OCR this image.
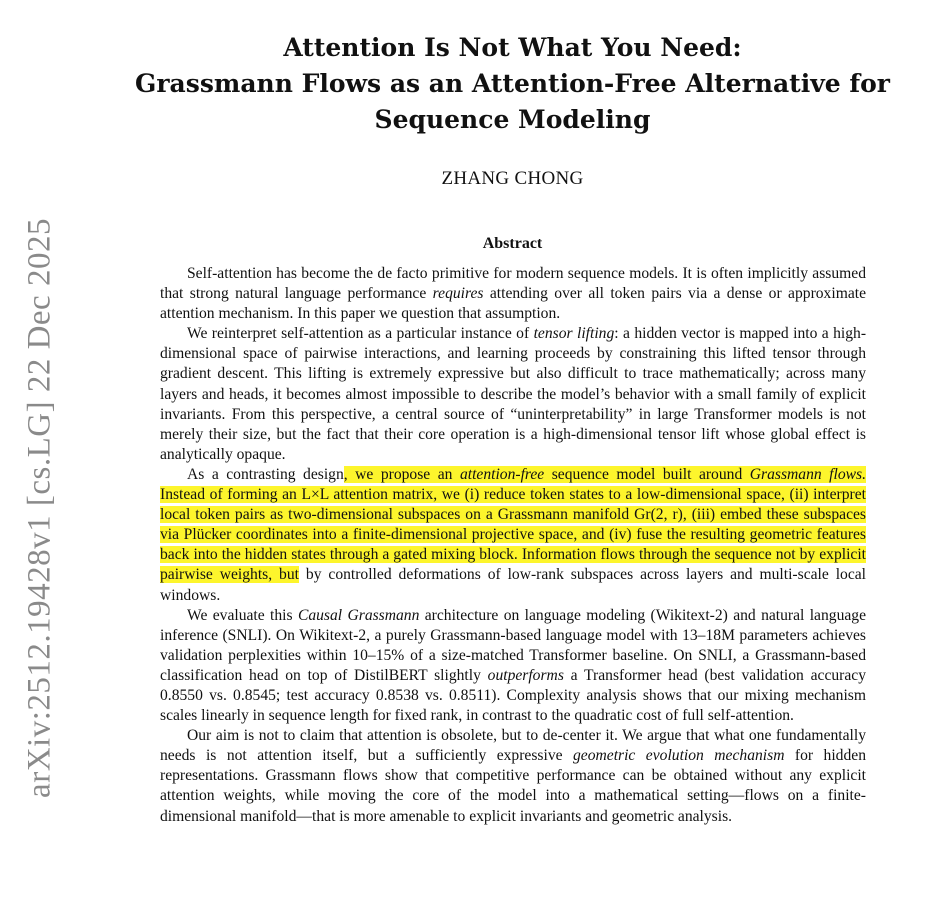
arXiv:2512.19428v1 [cs.LG] 22 Dec 2025
Attention Is Not What You Need:
Grassmann Flows as an Attention-Free Alternative for
Sequence Modeling
ZHANG CHONG
Abstract

Self-attention has become the de facto primitive for modern sequence models. It is often implicitly assumed that strong natural language performance requires attending over all token pairs via a dense or approximate attention mechanism. In this paper we question that assumption.

We reinterpret self-attention as a particular instance of tensor lifting: a hidden vector is mapped into a high-dimensional space of pairwise interactions, and learning proceeds by constraining this lifted tensor through gradient descent. This lifting is extremely expressive but also difficult to trace mathematically; across many layers and heads, it becomes almost impossible to describe the model’s behavior with a small family of explicit invariants. From this perspective, a central source of “uninterpretability” in large Transformer models is not merely their size, but the fact that their core operation is a high-dimensional tensor lift whose global effect is analytically opaque.

As a contrasting design, we propose an attention-free sequence model built around Grassmann flows. Instead of forming an L×L attention matrix, we (i) reduce token states to a low-dimensional space, (ii) interpret local token pairs as two-dimensional subspaces on a Grassmann manifold Gr(2, r), (iii) embed these subspaces via Plücker coordinates into a finite-dimensional projective space, and (iv) fuse the resulting geometric features back into the hidden states through a gated mixing block. Information flows through the sequence not by explicit pairwise weights, but by controlled deformations of low-rank subspaces across layers and multi-scale local windows.

We evaluate this Causal Grassmann architecture on language modeling (Wikitext-2) and natural language inference (SNLI). On Wikitext-2, a purely Grassmann-based language model with 13–18M parameters achieves validation perplexities within 10–15% of a size-matched Transformer baseline. On SNLI, a Grassmann-based classification head on top of DistilBERT slightly outperforms a Transformer head (best validation accuracy 0.8550 vs. 0.8545; test accuracy 0.8538 vs. 0.8511). Complexity analysis shows that our mixing mechanism scales linearly in sequence length for fixed rank, in contrast to the quadratic cost of full self-attention.

Our aim is not to claim that attention is obsolete, but to de-center it. We argue that what one fundamentally needs is not attention itself, but a sufficiently expressive geometric evolution mechanism for hidden representations. Grassmann flows show that competitive performance can be obtained without any explicit attention weights, while moving the core of the model into a mathematical setting—flows on a finite-dimensional manifold—that is more amenable to explicit invariants and geometric analysis.
